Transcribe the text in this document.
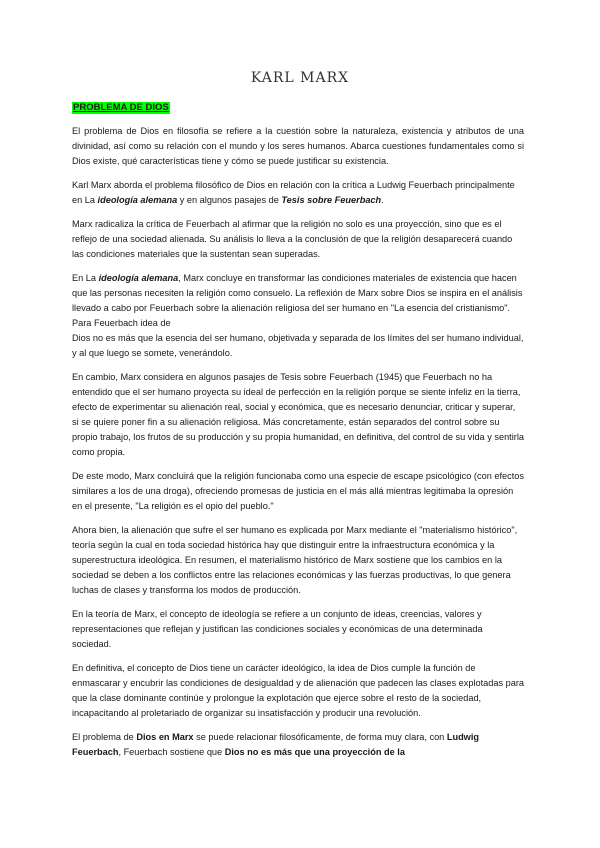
KARL MARX
PROBLEMA DE DIOS

El problema de Dios en filosofía se refiere a la cuestión sobre la naturaleza, existencia y atributos de una divinidad, así como su relación con el mundo y los seres humanos. Abarca cuestiones fundamentales como si Dios existe, qué características tiene y cómo se puede justificar su existencia.

Karl Marx aborda el problema filosófico de Dios en relación con la crítica a Ludwig Feuerbach principalmente en La ideología alemana y en algunos pasajes de Tesis sobre Feuerbach.

Marx radicaliza la crítica de Feuerbach al afirmar que la religión no solo es una proyección, sino que es el reflejo de una sociedad alienada. Su análisis lo lleva a la conclusión de que la religión desaparecerá cuando las condiciones materiales que la sustentan sean superadas.

En La ideología alemana, Marx concluye en transformar las condiciones materiales de existencia que hacen que las personas necesiten la religión como consuelo. La reflexión de Marx sobre Dios se inspira en el análisis llevado a cabo por Feuerbach sobre la alienación religiosa del ser humano en "La esencia del cristianismo". Para Feuerbach idea de
Dios no es más que la esencia del ser humano, objetivada y separada de los límites del ser humano individual, y al que luego se somete, venerándolo.

En cambio, Marx considera en algunos pasajes de Tesis sobre Feuerbach (1945) que Feuerbach no ha entendido que el ser humano proyecta su ideal de perfección en la religión porque se siente infeliz en la tierra, efecto de experimentar su alienación real, social y económica, que es necesario denunciar, criticar y superar, si se quiere poner fin a su alienación religiosa. Más concretamente, están separados del control sobre su propio trabajo, los frutos de su producción y su propia humanidad, en definitiva, del control de su vida y sentirla como propia.

De este modo, Marx concluirá que la religión funcionaba como una especie de escape psicológico (con efectos similares a los de una droga), ofreciendo promesas de justicia en el más allá mientras legitimaba la opresión en el presente, "La religión es el opio del pueblo."

Ahora bien, la alienación que sufre el ser humano es explicada por Marx mediante el "materialismo histórico", teoría según la cual en toda sociedad histórica hay que distinguir entre la infraestructura económica y la superestructura ideológica. En resumen, el materialismo histórico de Marx sostiene que los cambios en la sociedad se deben a los conflictos entre las relaciones económicas y las fuerzas productivas, lo que genera luchas de clases y transforma los modos de producción.

En la teoría de Marx, el concepto de ideología se refiere a un conjunto de ideas, creencias, valores y representaciones que reflejan y justifican las condiciones sociales y económicas de una determinada sociedad.

En definitiva, el concepto de Dios tiene un carácter ideológico, la idea de Dios cumple la función de enmascarar y encubrir las condiciones de desigualdad y de alienación que padecen las clases explotadas para que la clase dominante continúe y prolongue la explotación que ejerce sobre el resto de la sociedad, incapacitando al proletariado de organizar su insatisfacción y producir una revolución.

El problema de Dios en Marx se puede relacionar filosóficamente, de forma muy clara, con Ludwig Feuerbach, Feuerbach sostiene que Dios no es más que una proyección de la
